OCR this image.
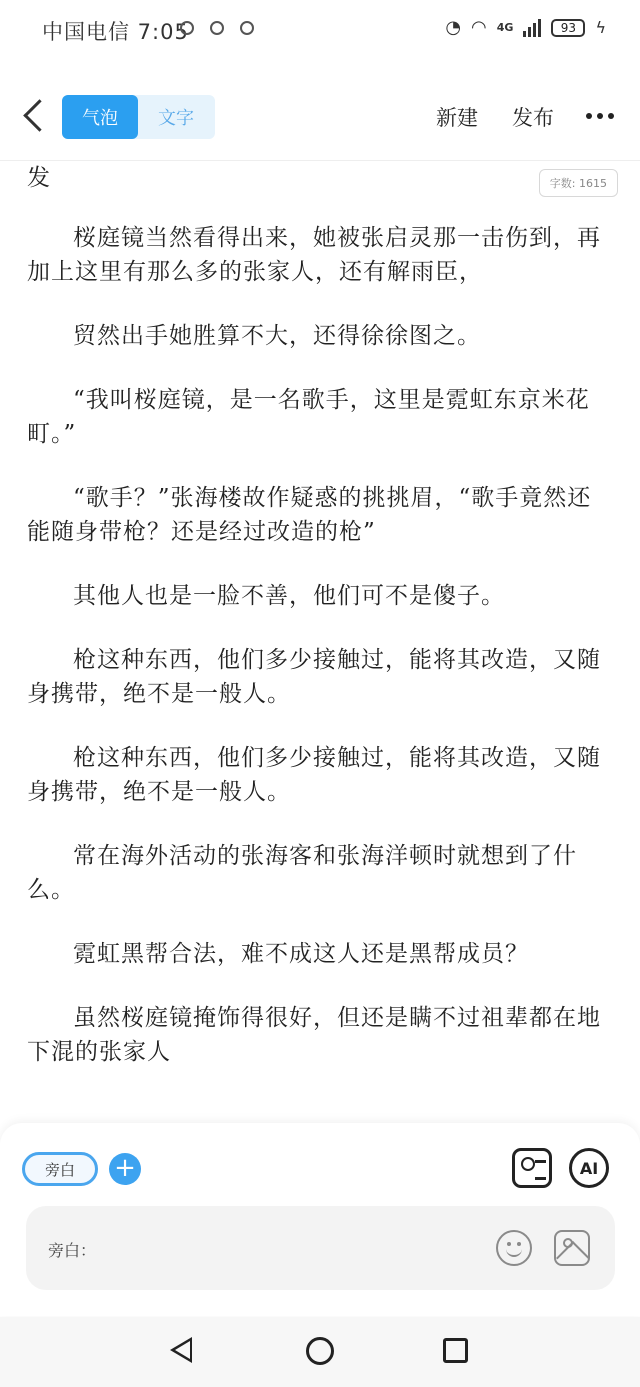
中国电信 7:05	◔ ◠ 4G	93	ϟ
气泡	文字	新建 发布

发

桜庭镜当然看得出来，她被张启灵那一击伤到，再加上这里有那么多的张家人，还有解雨臣，

贸然出手她胜算不大，还得徐徐图之。

“我叫桜庭镜，是一名歌手，这里是霓虹东京米花町。”

“歌手？”张海楼故作疑惑的挑挑眉，“歌手竟然还能随身带枪？还是经过改造的枪”

其他人也是一脸不善，他们可不是傻子。

枪这种东西，他们多少接触过，能将其改造，又随身携带，绝不是一般人。

枪这种东西，他们多少接触过，能将其改造，又随身携带，绝不是一般人。

常在海外活动的张海客和张海洋顿时就想到了什么。

霓虹黑帮合法，难不成这人还是黑帮成员？

虽然桜庭镜掩饰得很好，但还是瞒不过祖辈都在地下混的张家人

字数: 1615
旁白	+	AI
旁白：
